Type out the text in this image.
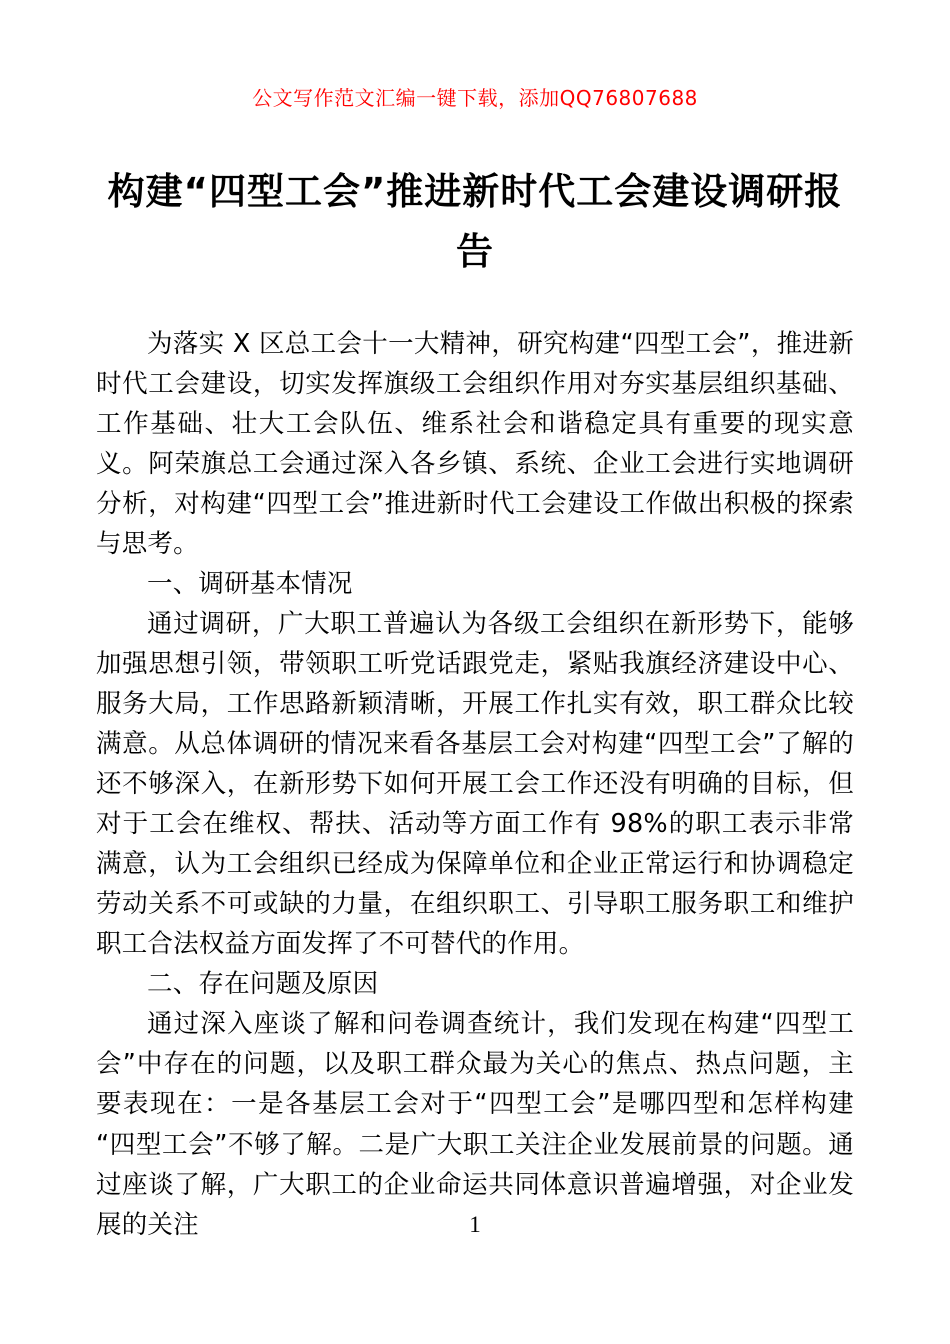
公文写作范文汇编一键下载，添加QQ76807688
构建“四型工会”推进新时代工会建设调研报告

为落实 X 区总工会十一大精神，研究构建“四型工会”，推进新时代工会建设，切实发挥旗级工会组织作用对夯实基层组织基础、工作基础、壮大工会队伍、维系社会和谐稳定具有重要的现实意义。阿荣旗总工会通过深入各乡镇、系统、企业工会进行实地调研分析，对构建“四型工会”推进新时代工会建设工作做出积极的探索与思考。

一、调研基本情况

通过调研，广大职工普遍认为各级工会组织在新形势下，能够加强思想引领，带领职工听党话跟党走，紧贴我旗经济建设中心、服务大局，工作思路新颖清晰，开展工作扎实有效，职工群众比较满意。从总体调研的情况来看各基层工会对构建“四型工会”了解的还不够深入，在新形势下如何开展工会工作还没有明确的目标，但对于工会在维权、帮扶、活动等方面工作有 98%的职工表示非常满意，认为工会组织已经成为保障单位和企业正常运行和协调稳定劳动关系不可或缺的力量，在组织职工、引导职工服务职工和维护职工合法权益方面发挥了不可替代的作用。

二、存在问题及原因

通过深入座谈了解和问卷调查统计，我们发现在构建“四型工会”中存在的问题，以及职工群众最为关心的焦点、热点问题，主要表现在：一是各基层工会对于“四型工会”是哪四型和怎样构建“四型工会”不够了解。二是广大职工关注企业发展前景的问题。通过座谈了解，广大职工的企业命运共同体意识普遍增强，对企业发展的关注	1
